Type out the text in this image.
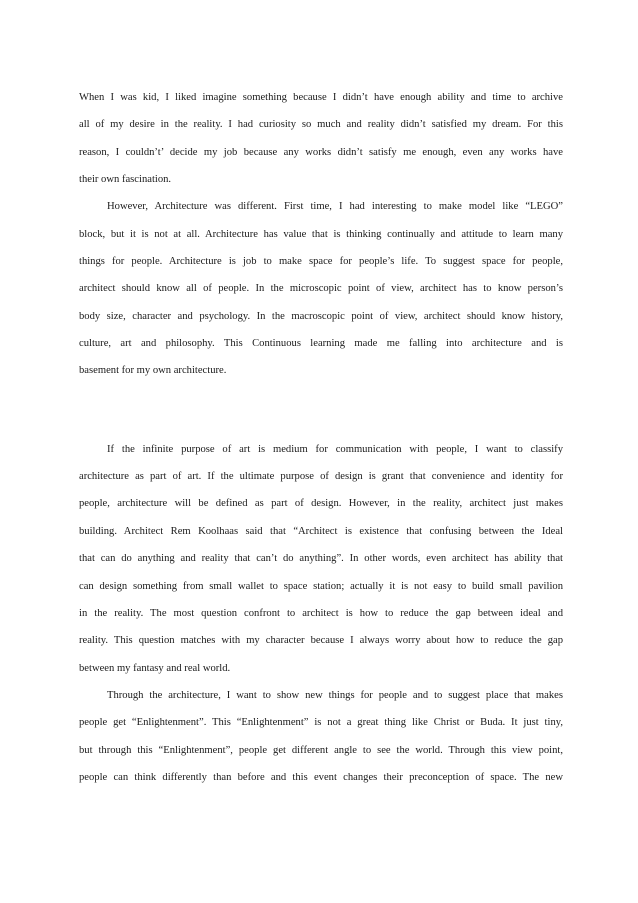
When I was kid, I liked imagine something because I didn’t have enough ability and time to archive
all of my desire in the reality. I had curiosity so much and reality didn’t satisfied my dream. For this
reason, I couldn’t’ decide my job because any works didn’t satisfy me enough, even any works have
their own fascination.
However, Architecture was different. First time, I had interesting to make model like “LEGO”
block, but it is not at all. Architecture has value that is thinking continually and attitude to learn many
things for people. Architecture is job to make space for people’s life. To suggest space for people,
architect should know all of people. In the microscopic point of view, architect has to know person’s
body size, character and psychology. In the macroscopic point of view, architect should know history,
culture, art and philosophy. This Continuous learning made me falling into architecture and is
basement for my own architecture.
If the infinite purpose of art is medium for communication with people, I want to classify
architecture as part of art. If the ultimate purpose of design is grant that convenience and identity for
people, architecture will be defined as part of design. However, in the reality, architect just makes
building. Architect Rem Koolhaas said that “Architect is existence that confusing between the Ideal
that can do anything and reality that can’t do anything”. In other words, even architect has ability that
can design something from small wallet to space station; actually it is not easy to build small pavilion
in the reality. The most question confront to architect is how to reduce the gap between ideal and
reality. This question matches with my character because I always worry about how to reduce the gap
between my fantasy and real world.
Through the architecture, I want to show new things for people and to suggest place that makes
people get “Enlightenment”. This “Enlightenment” is not a great thing like Christ or Buda. It just tiny,
but through this “Enlightenment”, people get different angle to see the world. Through this view point,
people can think differently than before and this event changes their preconception of space. The new
